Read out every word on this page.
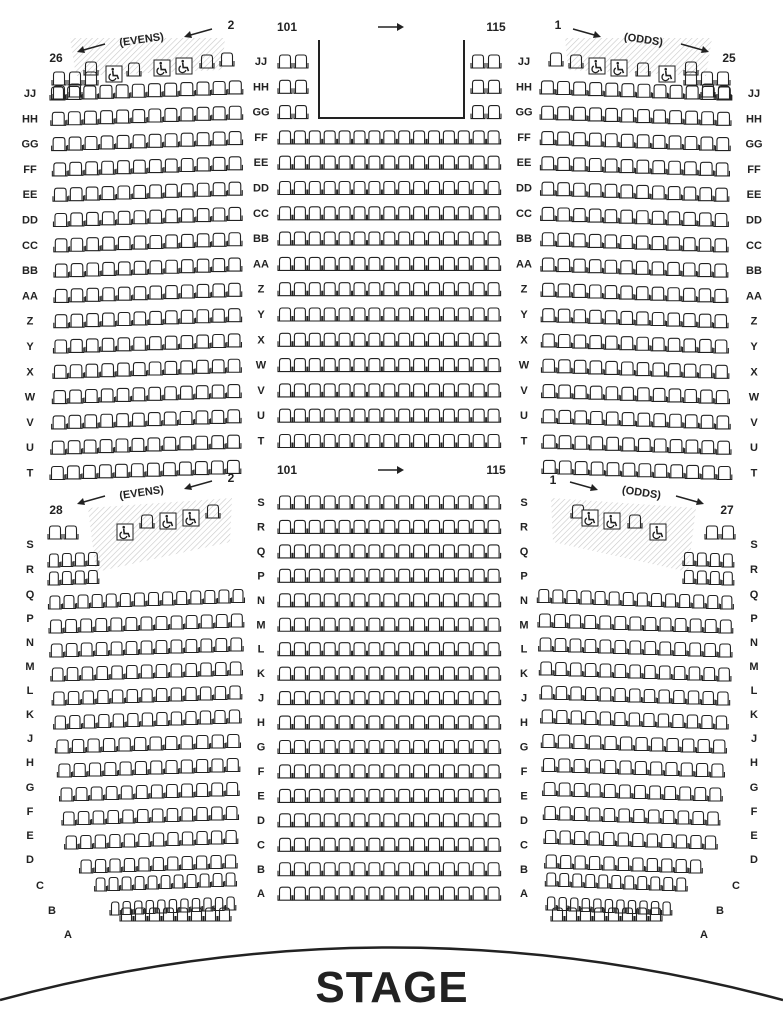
101	115
101	115
26
(EVENS)
2	1
(ODDS)
25
28
(EVENS)
2	1
(ODDS)
27
JJ	JJ
HH	HH
GG	GG
FF	FF
EE	EE
DD	DD
CC	CC
BB	BB
AA	AA
Z	Z
Y	Y
X	X
W	W
V	V
U	U
T	T
JJ	JJ
HH	HH
GG	GG
FF	FF
EE	EE
DD	DD
CC	CC
BB	BB
AA	AA
Z	Z
Y	Y
X	X
W	W
V	V
U	U
T	T
S	S
R	R
Q	Q
P	P
N	N
M	M
L	L
K	K
J	J
H	H
G	G
F	F
E	E
D	D
C	C
B	B
A	A
S	S
R	R
Q	Q
P	P
N	N
M	M
L	L
K	K
J	J
H	H
G	G
F	F
E	E
D	D
C	C
B	B
A	A
STAGE
